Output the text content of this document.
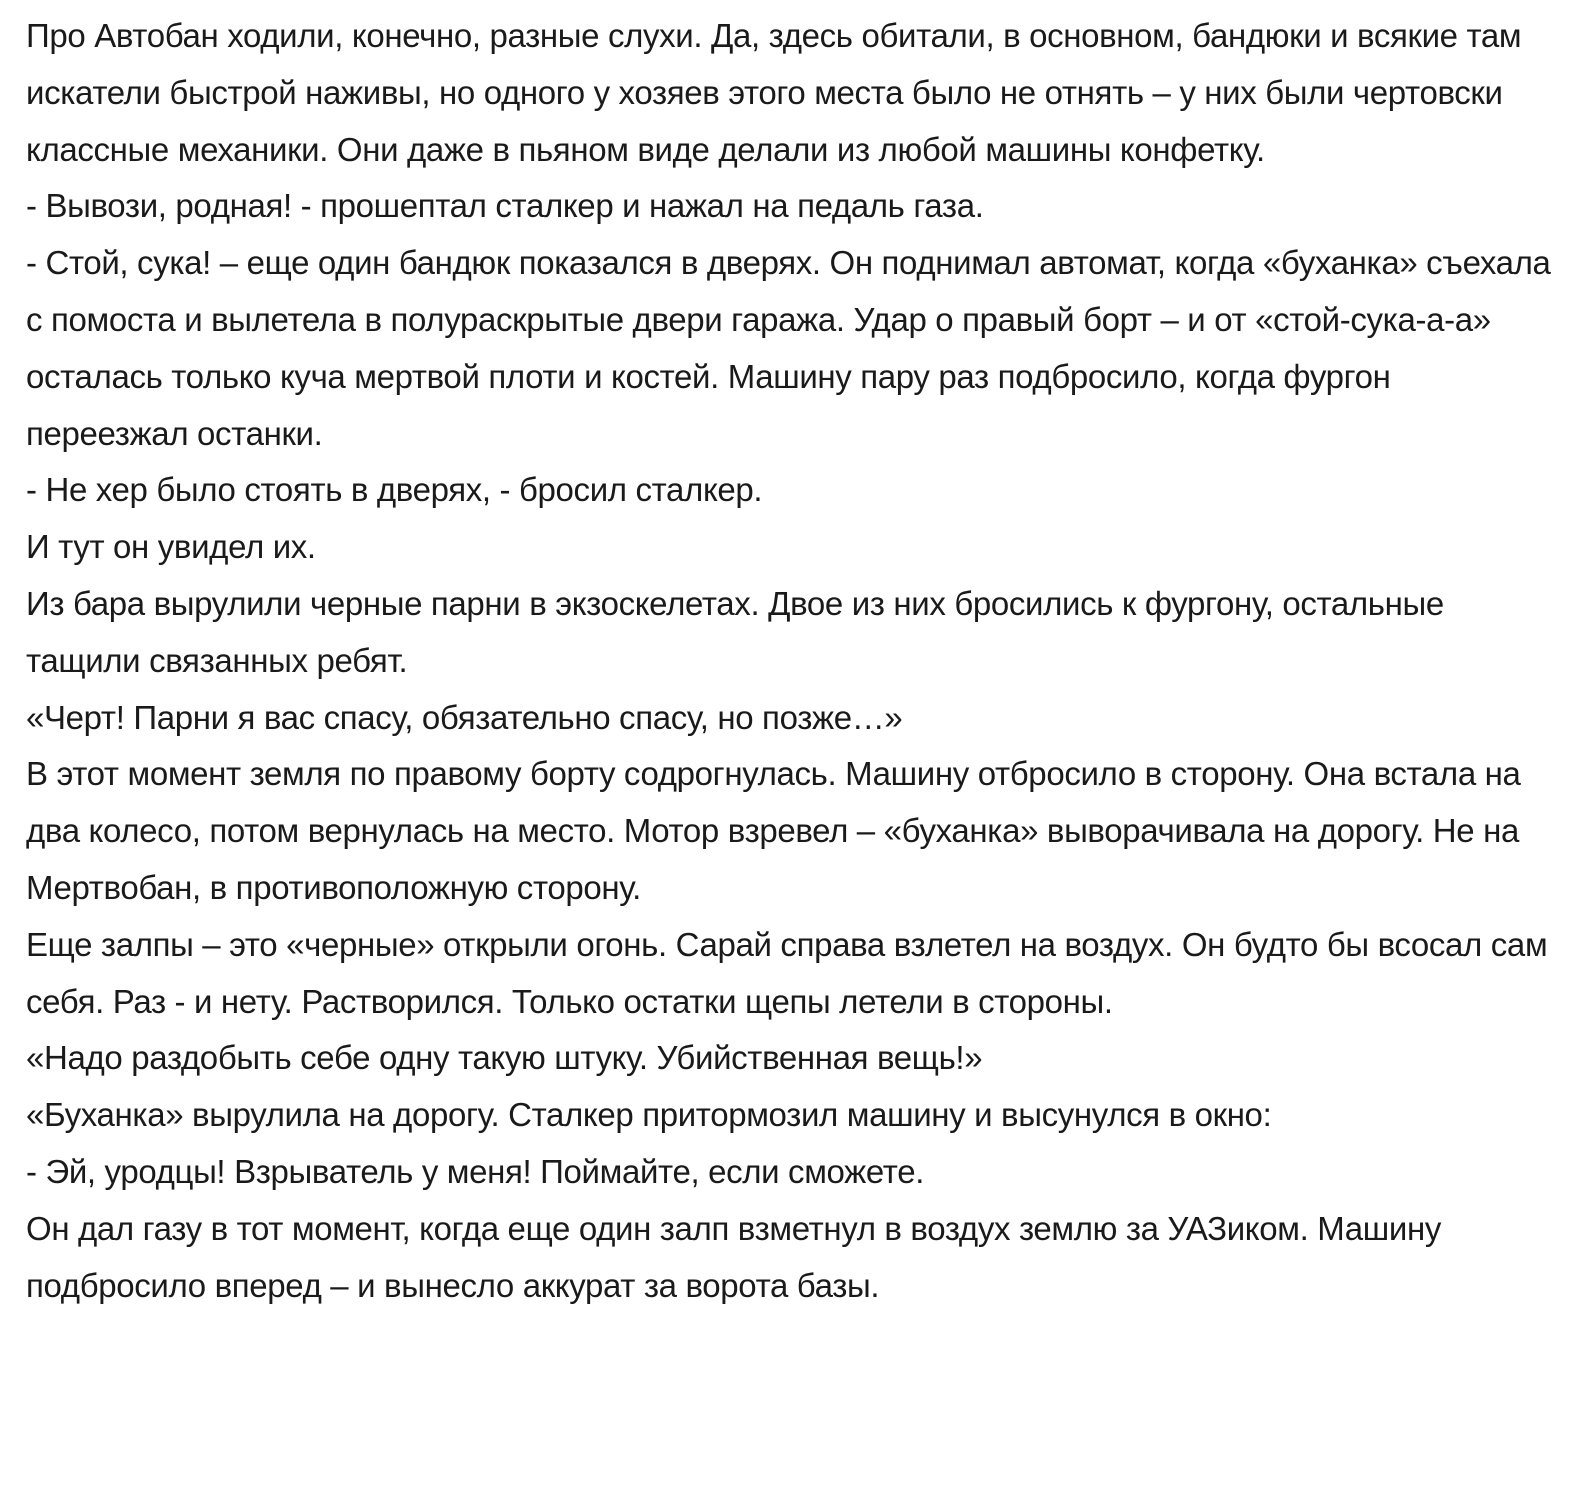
Про Автобан ходили, конечно, разные слухи. Да, здесь обитали, в основном, бандюки и всякие там искатели быстрой наживы, но одного у хозяев этого места было не отнять – у них были чертовски классные механики. Они даже в пьяном виде делали из любой машины конфетку.

- Вывози, родная! - прошептал сталкер и нажал на педаль газа.

- Стой, сука! – еще один бандюк показался в дверях. Он поднимал автомат, когда «буханка» съехала с помоста и вылетела в полураскрытые двери гаража. Удар о правый борт – и от «стой-сука-а-а» осталась только куча мертвой плоти и костей. Машину пару раз подбросило, когда фургон переезжал останки.

- Не хер было стоять в дверях, - бросил сталкер.

И тут он увидел их.

Из бара вырулили черные парни в экзоскелетах. Двое из них бросились к фургону, остальные тащили связанных ребят.

«Черт! Парни я вас спасу, обязательно спасу, но позже…»

В этот момент земля по правому борту содрогнулась. Машину отбросило в сторону. Она встала на два колесо, потом вернулась на место. Мотор взревел – «буханка» выворачивала на дорогу. Не на Мертвобан, в противоположную сторону.

Еще залпы – это «черные» открыли огонь. Сарай справа взлетел на воздух. Он будто бы всосал сам себя. Раз - и нету. Растворился. Только остатки щепы летели в стороны.

«Надо раздобыть себе одну такую штуку. Убийственная вещь!»

«Буханка» вырулила на дорогу. Сталкер притормозил машину и высунулся в окно:

- Эй, уродцы! Взрыватель у меня! Поймайте, если сможете.

Он дал газу в тот момент, когда еще один залп взметнул в воздух землю за УАЗиком. Машину подбросило вперед – и вынесло аккурат за ворота базы.
